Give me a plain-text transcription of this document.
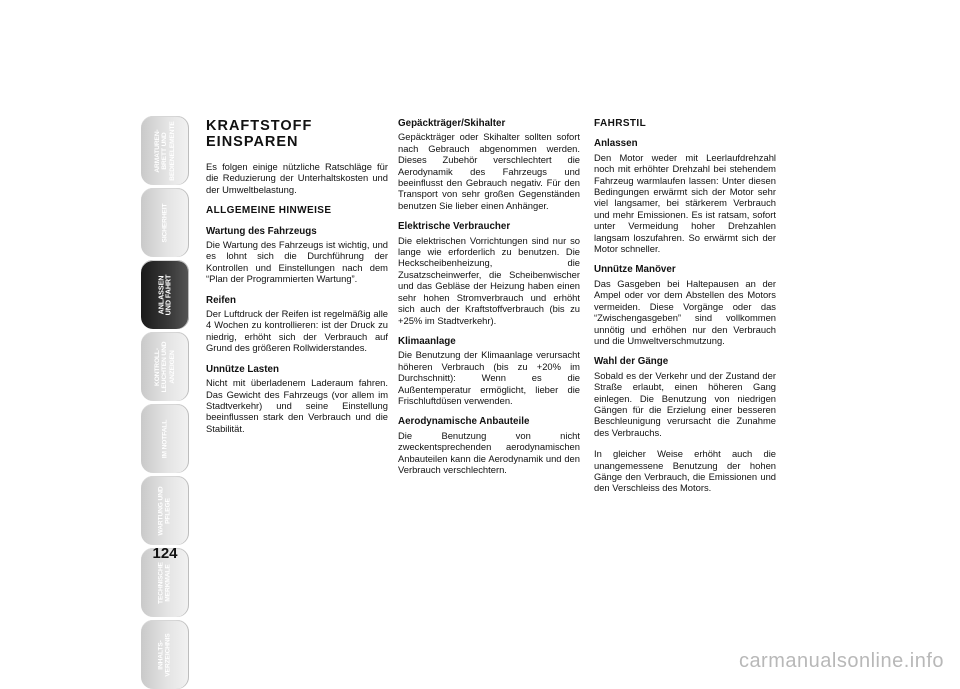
ARMATUREN-
BRETT UND
BEDIENELEMENTE
SICHERHEIT
ANLASSEN
UND FAHRT
KONTROLL-
LEUCHTEN UND
ANZEIGEN
IM NOTFALL
WARTUNG UND
PFLEGE
TECHNISCHE
MERKMALE
INHALTS-
VERZEICHNIS
124
KRAFTSTOFF
EINSPAREN
Es folgen einige nützliche Ratschläge für die Reduzierung der Unterhaltskosten und der Umweltbelastung.
ALLGEMEINE HINWEISE
Wartung des Fahrzeugs
Die Wartung des Fahrzeugs ist wichtig, und es lohnt sich die Durchführung der Kontrollen und Einstellungen nach dem “Plan der Programmierten Wartung”.
Reifen
Der Luftdruck der Reifen ist regelmäßig alle 4 Wochen zu kontrollieren: ist der Druck zu niedrig, erhöht sich der Verbrauch auf Grund des größeren Rollwiderstandes.
Unnütze Lasten
Nicht mit überladenem Laderaum fahren. Das Gewicht des Fahrzeugs (vor allem im Stadtverkehr) und seine Einstellung beeinflussen stark den Verbrauch und die Stabilität.
Gepäckträger/Skihalter
Gepäckträger oder Skihalter sollten sofort nach Gebrauch abgenommen werden. Dieses Zubehör verschlechtert die Aerodynamik des Fahrzeugs und beeinflusst den Gebrauch negativ. Für den Transport von sehr großen Gegenständen benutzen Sie lieber einen Anhänger.
Elektrische Verbraucher
Die elektrischen Vorrichtungen sind nur so lange wie erforderlich zu benutzen. Die Heckscheibenheizung, die Zusatzscheinwerfer, die Scheibenwischer und das Gebläse der Heizung haben einen sehr hohen Stromverbrauch und erhöht sich auch der Kraftstoffverbrauch (bis zu +25% im Stadtverkehr).
Klimaanlage
Die Benutzung der Klimaanlage verursacht höheren Verbrauch (bis zu +20% im Durchschnitt): Wenn es die Außentemperatur ermöglicht, lieber die Frischluftdüsen verwenden.
Aerodynamische Anbauteile
Die Benutzung von nicht zweckentsprechenden aerodynamischen Anbauteilen kann die Aerodynamik und den Verbrauch verschlechtern.
FAHRSTIL
Anlassen
Den Motor weder mit Leerlaufdrehzahl noch mit erhöhter Drehzahl bei stehendem Fahrzeug warmlaufen lassen: Unter diesen Bedingungen erwärmt sich der Motor sehr viel langsamer, bei stärkerem Verbrauch und mehr Emissionen. Es ist ratsam, sofort unter Vermeidung hoher Drehzahlen langsam loszufahren. So erwärmt sich der Motor schneller.
Unnütze Manöver
Das Gasgeben bei Haltepausen an der Ampel oder vor dem Abstellen des Motors vermeiden. Diese Vorgänge oder das “Zwischengasgeben” sind vollkommen unnötig und erhöhen nur den Verbrauch und die Umweltverschmutzung.
Wahl der Gänge
Sobald es der Verkehr und der Zustand der Straße erlaubt, einen höheren Gang einlegen. Die Benutzung von niedrigen Gängen für die Erzielung einer besseren Beschleunigung verursacht die Zunahme des Verbrauchs.
In gleicher Weise erhöht auch die unangemessene Benutzung der hohen Gänge den Verbrauch, die Emissionen und den Verschleiss des Motors.
carmanualsonline.info
